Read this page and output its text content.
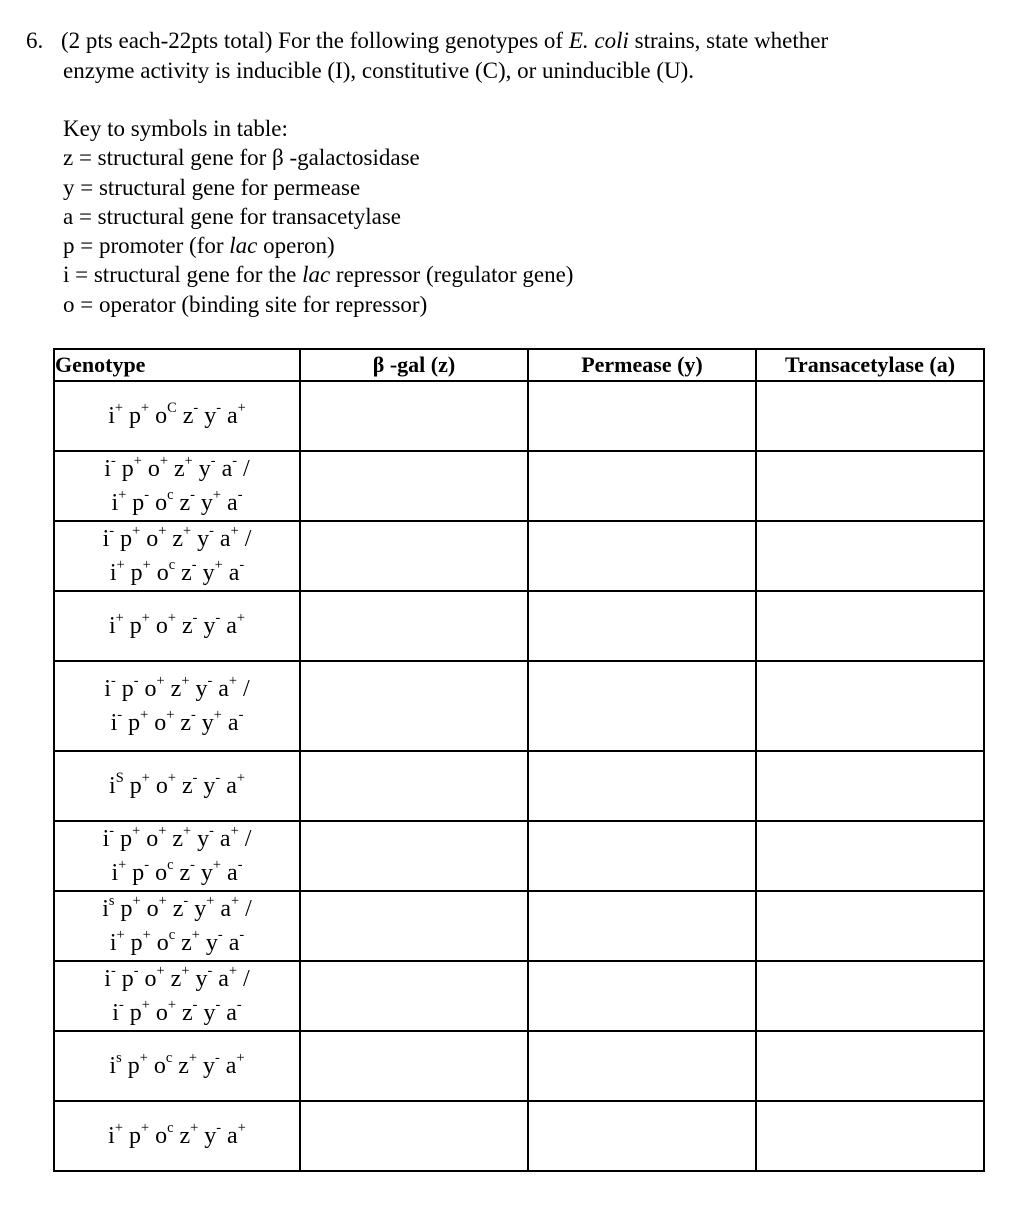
6. (2 pts each-22pts total) For the following genotypes of E. coli strains, state whether
enzyme activity is inducible (I), constitutive (C), or uninducible (U).
Key to symbols in table:
z = structural gene for β -galactosidase
y = structural gene for permease
a = structural gene for transacetylase
p = promoter (for lac operon)
i = structural gene for the lac repressor (regulator gene)
o = operator (binding site for repressor)
Genotype	β -gal (z)	Permease (y)	Transacetylase (a)

i+ p+ $o^C$ z- y- a+

i- p+ o+ z+ y- a- /
i+ p- $o^c$ z- y+ a-

i- p+ o+ z+ y- a+ /
i+ p+ $o^c$ z- y+ a-

i+ p+ o+ z- y- a+

i- p- o+ z+ y- a+ /
i- p+ o+ z- y+ a-

$i^S$ p+ o+ z- y- a+

i- p+ o+ z+ y- a+ /
i+ p- $o^c$ z- y+ a-

$i^s$ p+ o+ z- y+ a+ /
i+ p+ $o^c$ z+ y- a-

i- p- o+ z+ y- a+ /
i- p+ o+ z- y- a-

$i^s$ p+ $o^c$ z+ y- a+

i+ p+ $o^c$ z+ y- a+
